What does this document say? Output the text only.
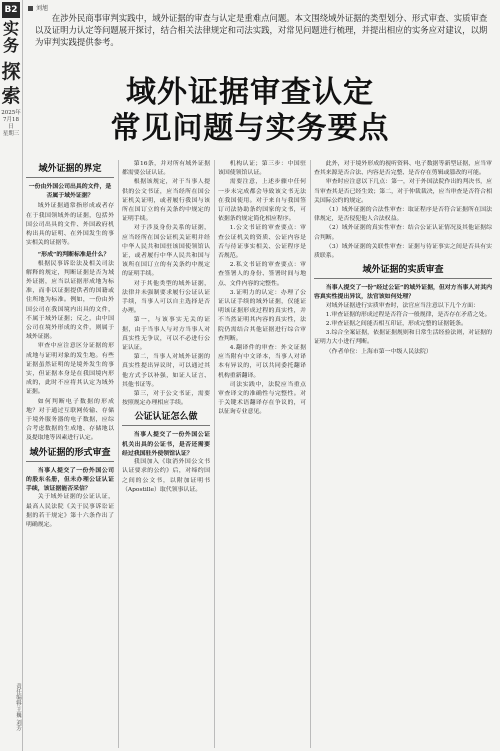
B2
实务
探索
2025年
7月18日
星期三
责任编辑:王巍 刘芳
刘旭
在涉外民商事审判实践中，域外证据的审查与认定是重难点问题。本文围绕域外证据的类型划分、形式审查、实质审查以及证明力认定等问题展开探讨，结合相关法律规定和司法实践，对常见问题进行梳理，并提出相应的实务应对建议，以期为审判实践提供参考。
域外证据审查认定
常见问题与实务要点
域外证据的界定

一份由外国公司出具的文件，是否属于域外证据？

域外证据通常指形成或者存在于我国领域外的证据，包括外国公司出具的文件、外国政府机构出具的证明、在外国发生的事实相关的证据等。

“形成”的判断标准是什么？

根据民事诉讼法及相关司法解释的规定，判断证据是否为域外证据，应当以证据形成地为标准，而非以证据提供者的国籍或住所地为标准。例如，一份由外国公司在我国境内出具的文件，不属于域外证据；反之，由中国公司在境外形成的文件，则属于域外证据。

审查中应注意区分证据的形成地与证明对象的发生地。有些证据虽然证明的是境外发生的事实，但证据本身是在我国境内形成的，此时不应将其认定为域外证据。

如何判断电子数据的形成地？对于通过互联网传输、存储于境外服务器的电子数据，应综合考虑数据的生成地、存储地以及提取地等因素进行认定。

域外证据的形式审查

当事人提交了一份外国公司的股东名册，但未办理公证认证手续，该证据能否采信？

关于域外证据的公证认证，最高人民法院《关于民事诉讼证据的若干规定》第十六条作出了明确规定。

第16条，并对所有域外证据都需要公证认证。

根据该规定，对于当事人提供的公文书证，应当经所在国公证机关证明，或者履行我国与该所在国订立的有关条约中规定的证明手续。

对于涉及身份关系的证据，应当经所在国公证机关证明并经中华人民共和国驻该国使领馆认证，或者履行中华人民共和国与该所在国订立的有关条约中规定的证明手续。

对于其他类型的域外证据，法律并未强制要求履行公证认证手续，当事人可以自主选择是否办理。

第一，与该事实无关的证据，由于当事人与对方当事人对真实性无争议，可以不必进行公证认证。

第二，当事人对域外证据的真实性提出异议时，可以通过其他方式予以补强，如证人证言、其他书证等。

第三，对于公文书证，需要按照规定办理相应手续。

公证认证怎么做

当事人提交了一份外国公证机关出具的公证书，是否还需要经过我国驻外使领馆认证？

我国加入《取消外国公文书认证要求的公约》后，对缔约国之间的公文书，以附加证明书（Apostille）取代领事认证。

机构认证；第三步：中国驻该国使领馆认证。

需要注意，上述步骤中任何一步未完成都会导致该文书无法在我国使用。对于来自与我国签订司法协助条约国家的文书，可依据条约规定简化相应程序。

1.公文书证的审查要点：审查公证机关的资质、公证内容是否与待证事实相关、公证程序是否规范。

2.私文书证的审查要点：审查签署人的身份、签署时间与地点、文件内容的完整性。

3.证明力的认定：办理了公证认证手续的域外证据，仅能证明该证据形成过程的真实性，并不当然证明其内容的真实性，法院仍需结合其他证据进行综合审查判断。

4.翻译件的审查：外文证据应当附有中文译本，当事人对译本有异议的，可以共同委托翻译机构重新翻译。

司法实践中，法院应当重点审查译文的准确性与完整性。对于关键术语翻译存在争议的，可以征询专业意见。

此外，对于境外形成的视听资料、电子数据等新型证据，应当审查其来源是否合法、内容是否完整、是否存在剪辑或篡改的可能。

审查时应注意以下几点：第一，对于外国法院作出的判决书，应当审查其是否已经生效；第二，对于仲裁裁决，应当审查是否符合相关国际公约的规定。

（1）域外证据的合法性审查：取证程序是否符合证据所在国法律规定，是否侵犯他人合法权益。

（2）域外证据的真实性审查：结合公证认证情况及其他证据综合判断。

（3）域外证据的关联性审查：证据与待证事实之间是否具有实质联系。

域外证据的实质审查

当事人提交了一份“经过公证”的域外证据，但对方当事人对其内容真实性提出异议，法官该如何处理？

对域外证据进行实质审查时，法官应当注意以下几个方面：

1.审查证据的形成过程是否符合一般规律，是否存在矛盾之处。

2.审查证据之间能否相互印证，形成完整的证据链条。

3.综合全案证据，依据证据规则和日常生活经验法则，对证据的证明力大小进行判断。

（作者单位：上海市第一中级人民法院）
